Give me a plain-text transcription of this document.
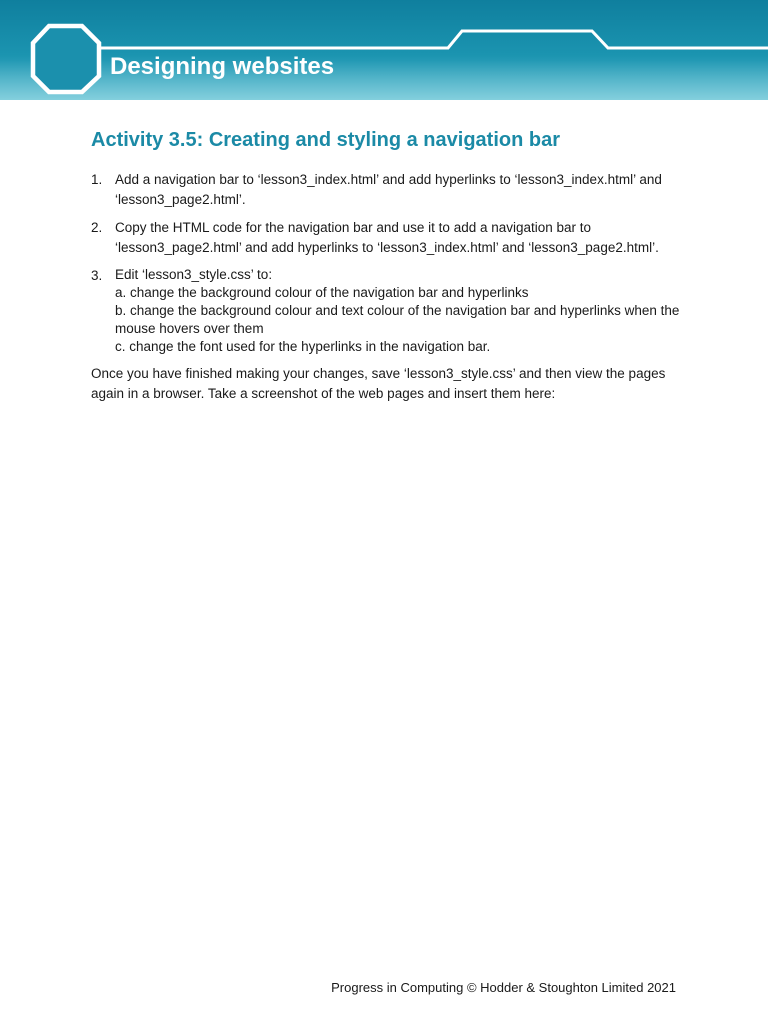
Designing websites
Activity 3.5: Creating and styling a navigation bar
1. Add a navigation bar to ‘lesson3_index.html’ and add hyperlinks to ‘lesson3_index.html’ and ‘lesson3_page2.html’.
2. Copy the HTML code for the navigation bar and use it to add a navigation bar to ‘lesson3_page2.html’ and add hyperlinks to ‘lesson3_index.html’ and ‘lesson3_page2.html’.
3. Edit ‘lesson3_style.css’ to:
a. change the background colour of the navigation bar and hyperlinks
b. change the background colour and text colour of the navigation bar and hyperlinks when the mouse hovers over them
c. change the font used for the hyperlinks in the navigation bar.

Once you have finished making your changes, save ‘lesson3_style.css’ and then view the pages again in a browser. Take a screenshot of the web pages and insert them here:

Progress in Computing © Hodder & Stoughton Limited 2021
